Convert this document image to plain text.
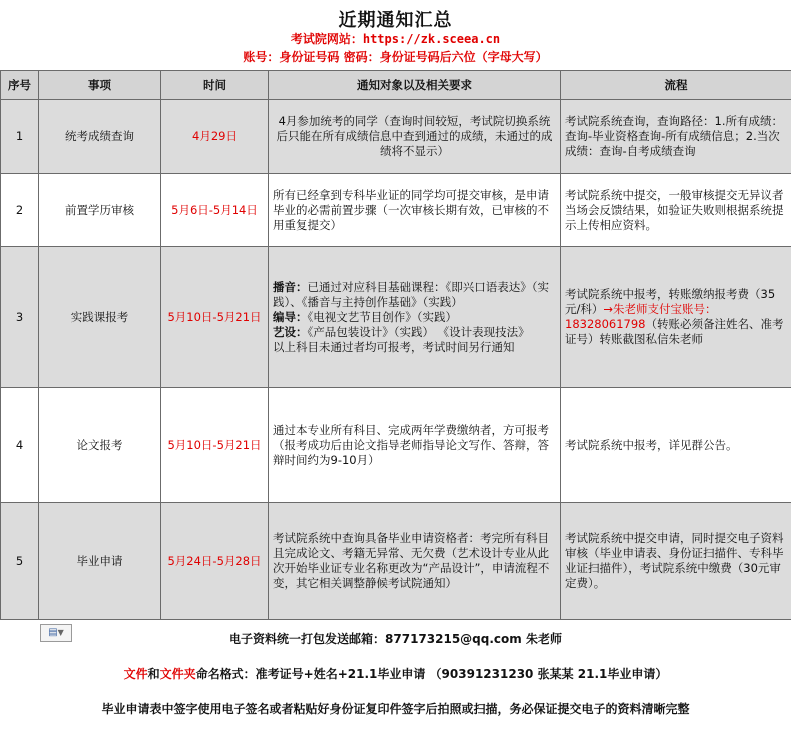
近期通知汇总
考试院网站：https://zk.sceea.cn
账号：身份证号码 密码：身份证号码后六位（字母大写）
序号	事项	时间	通知对象以及相关要求	流程
1	统考成绩查询	4月29日	4月参加统考的同学（查询时间较短，考试院切换系统后只能在所有成绩信息中查到通过的成绩，未通过的成绩将不显示）	考试院系统查询，查询路径：1.所有成绩：查询-毕业资格查询-所有成绩信息；2.当次成绩：查询-自考成绩查询
2	前置学历审核	5月6日-5月14日	所有已经拿到专科毕业证的同学均可提交审核，是申请毕业的必需前置步骤（一次审核长期有效，已审核的不用重复提交）	考试院系统中提交，一般审核提交无异议者当场会反馈结果，如验证失败则根据系统提示上传相应资料。
3	实践课报考	5月10日-5月21日	播音：已通过对应科目基础课程：《即兴口语表达》（实践）、《播音与主持创作基础》（实践）
编导：《电视文艺节目创作》（实践）
艺设：《产品包装设计》（实践） 《设计表现技法》
以上科目未通过者均可报考，考试时间另行通知	考试院系统中报考，转账缴纳报考费（35元/科）→朱老师支付宝账号：18328061798（转账必须备注姓名、准考证号）转账截图私信朱老师
4	论文报考	5月10日-5月21日	通过本专业所有科目、完成两年学费缴纳者，方可报考（报考成功后由论文指导老师指导论文写作、答辩，答辩时间约为9-10月）	考试院系统中报考，详见群公告。
5	毕业申请	5月24日-5月28日	考试院系统中查询具备毕业申请资格者：考完所有科目且完成论文、考籍无异常、无欠费（艺术设计专业从此次开始毕业证专业名称更改为“产品设计”，申请流程不变，其它相关调整静候考试院通知）	考试院系统中提交申请，同时提交电子资料审核（毕业申请表、身份证扫描件、专科毕业证扫描件），考试院系统中缴费（30元审定费）。
▤▼	电子资料统一打包发送邮箱：877173215@qq.com 朱老师
文件和文件夹命名格式：准考证号+姓名+21.1毕业申请 （90391231230 张某某 21.1毕业申请）
毕业申请表中签字使用电子签名或者粘贴好身份证复印件签字后拍照或扫描，务必保证提交电子的资料清晰完整
